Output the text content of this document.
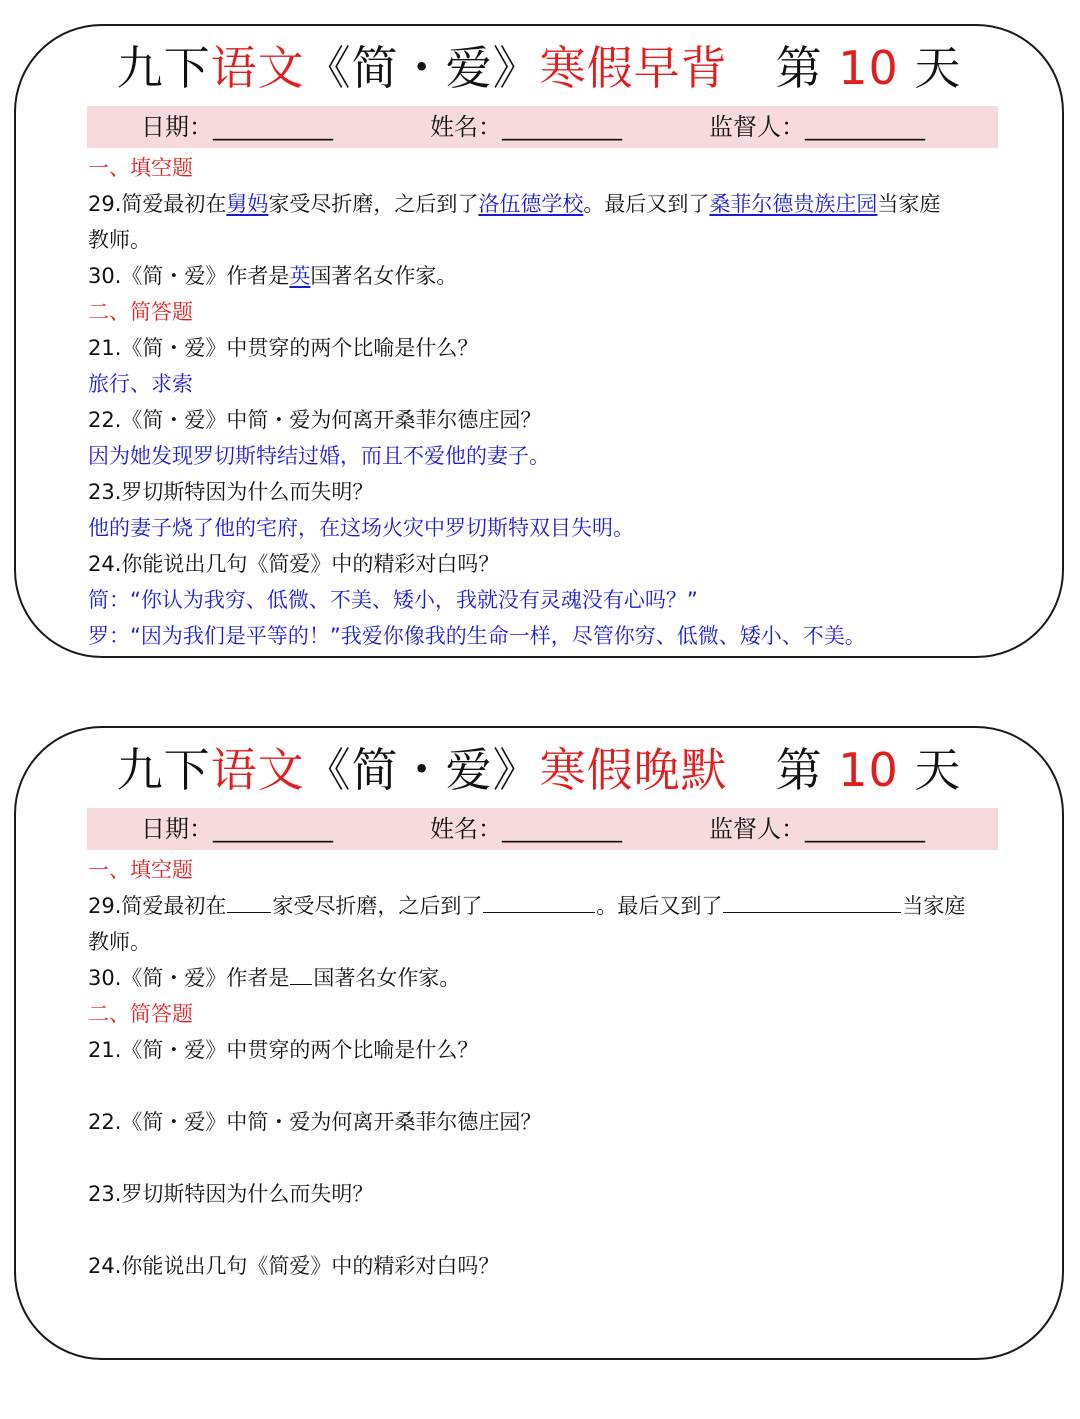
九下语文《简・爱》寒假早背 第 10 天
日期：__________	姓名：__________	监督人：__________
一、填空题
29.简爱最初在舅妈家受尽折磨，之后到了洛伍德学校。最后又到了桑菲尔德贵族庄园当家庭
教师。
30.《简・爱》作者是英国著名女作家。
二、简答题
21.《简・爱》中贯穿的两个比喻是什么？
旅行、求索
22.《简・爱》中简・爱为何离开桑菲尔德庄园？
因为她发现罗切斯特结过婚，而且不爱他的妻子。
23.罗切斯特因为什么而失明？
他的妻子烧了他的宅府，在这场火灾中罗切斯特双目失明。
24.你能说出几句《简爱》中的精彩对白吗？
简：“你认为我穷、低微、不美、矮小，我就没有灵魂没有心吗？”
罗：“因为我们是平等的！”我爱你像我的生命一样，尽管你穷、低微、矮小、不美。
九下语文《简・爱》寒假晚默 第 10 天
日期：__________	姓名：__________	监督人：__________
一、填空题
29.简爱最初在 家受尽折磨，之后到了	。最后又到了	当家庭
教师。
30.《简・爱》作者是 国著名女作家。
二、简答题
21.《简・爱》中贯穿的两个比喻是什么？
22.《简・爱》中简・爱为何离开桑菲尔德庄园？
23.罗切斯特因为什么而失明？
24.你能说出几句《简爱》中的精彩对白吗？
